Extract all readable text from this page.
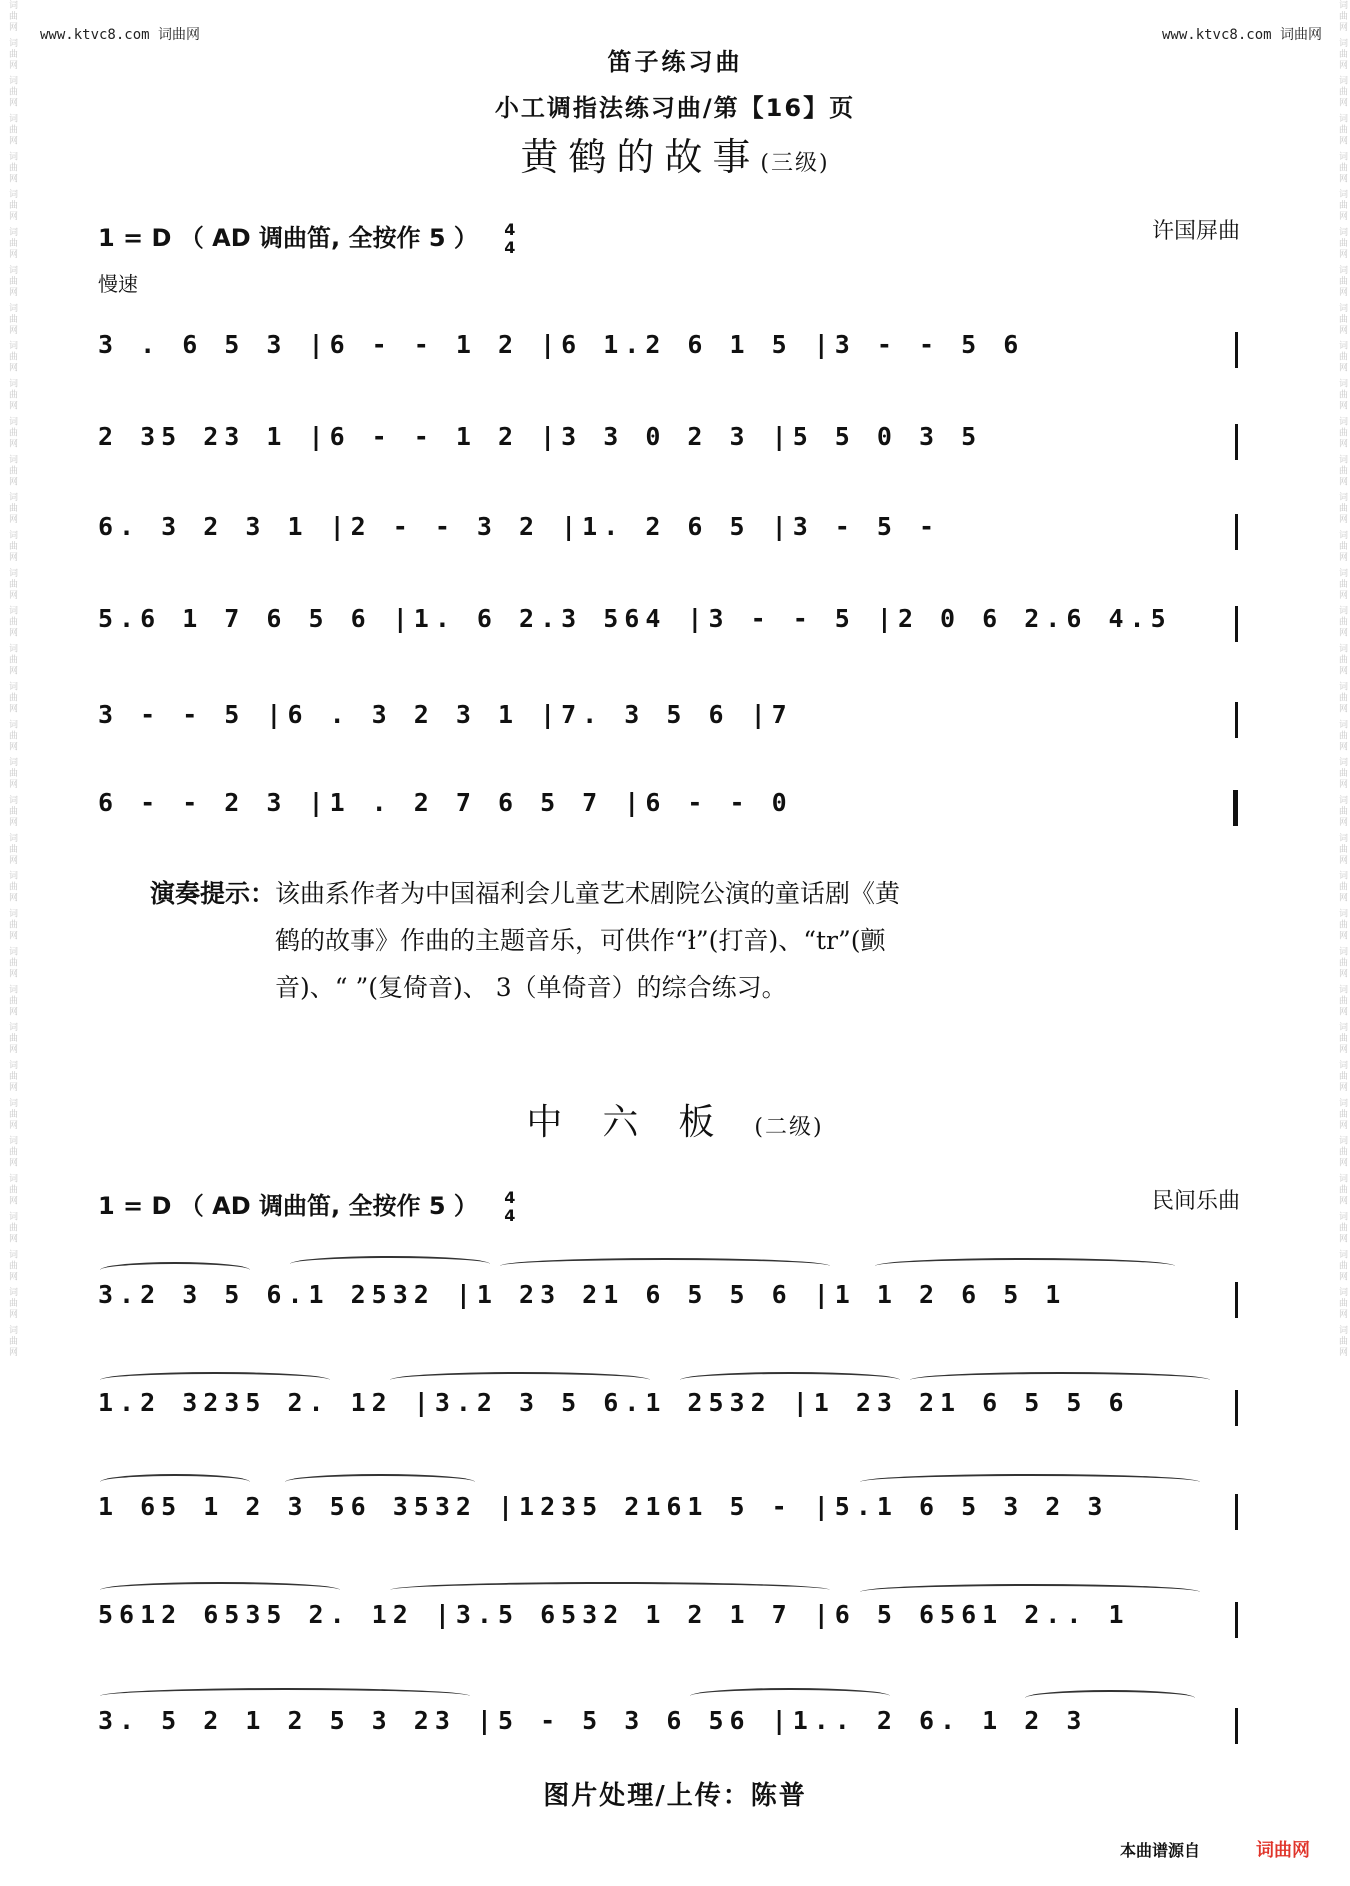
词曲网 词曲网 词曲网 词曲网 词曲网 词曲网 词曲网 词曲网 词曲网 词曲网 词曲网 词曲网 词曲网 词曲网 词曲网 词曲网 词曲网 词曲网 词曲网 词曲网 词曲网 词曲网 词曲网 词曲网 词曲网 词曲网 词曲网 词曲网 词曲网 词曲网 词曲网 词曲网 词曲网 词曲网 词曲网 词曲网	词曲网 词曲网 词曲网 词曲网 词曲网 词曲网 词曲网 词曲网 词曲网 词曲网 词曲网 词曲网 词曲网 词曲网 词曲网 词曲网 词曲网 词曲网 词曲网 词曲网 词曲网 词曲网 词曲网 词曲网 词曲网 词曲网 词曲网 词曲网 词曲网 词曲网 词曲网 词曲网 词曲网 词曲网 词曲网 词曲网
www.ktvc8.com 词曲网	www.ktvc8.com 词曲网
笛子练习曲
小工调指法练习曲/第【16】页
黄鹤的故事(三级)
1 = D （ AD 调曲笛, 全按作 5 ） 4
4
许国屏曲
慢速
3 . 6 5 3 |6 - - 1 2 |6 1.2 6 1 5 |3 - - 5 6
2 35 23 1 |6 - - 1 2 |3 3 0 2 3 |5 5 0 3 5
6. 3 2 3 1 |2 - - 3 2 |1. 2 6 5 |3 - 5 -
5.6 1 7 6 5 6 |1. 6 2.3 564 |3 - - 5 |2 0 6 2.6 4.5
3 - - 5 |6 . 3 2 3 1 |7. 3 5 6 |7
6 - - 2 3 |1 . 2 7 6 5 7 |6 - - 0
演奏提示：该曲系作者为中国福利会儿童艺术剧院公演的童话剧《黄鹤的故事》作曲的主题音乐，可供作“ł”(打音)、“tr”(颤音)、“ ”(复倚音)、 3（单倚音）的综合练习。
中六板(二级)
1 = D （ AD 调曲笛, 全按作 5 ） 4
4
民间乐曲
3.2 3 5 6.1 2532 |1 23 21 6 5 5 6 |1 1 2 6 5 1
1.2 3235 2. 12 |3.2 3 5 6.1 2532 |1 23 21 6 5 5 6
1 65 1 2 3 56 3532 |1235 2161 5 - |5.1 6 5 3 2 3
5612 6535 2. 12 |3.5 6532 1 2 1 7 |6 5 6561 2.. 1
3. 5 2 1 2 5 3 23 |5 - 5 3 6 56 |1.. 2 6. 1 2 3
图片处理/上传：陈普
本曲谱源自	词曲网
